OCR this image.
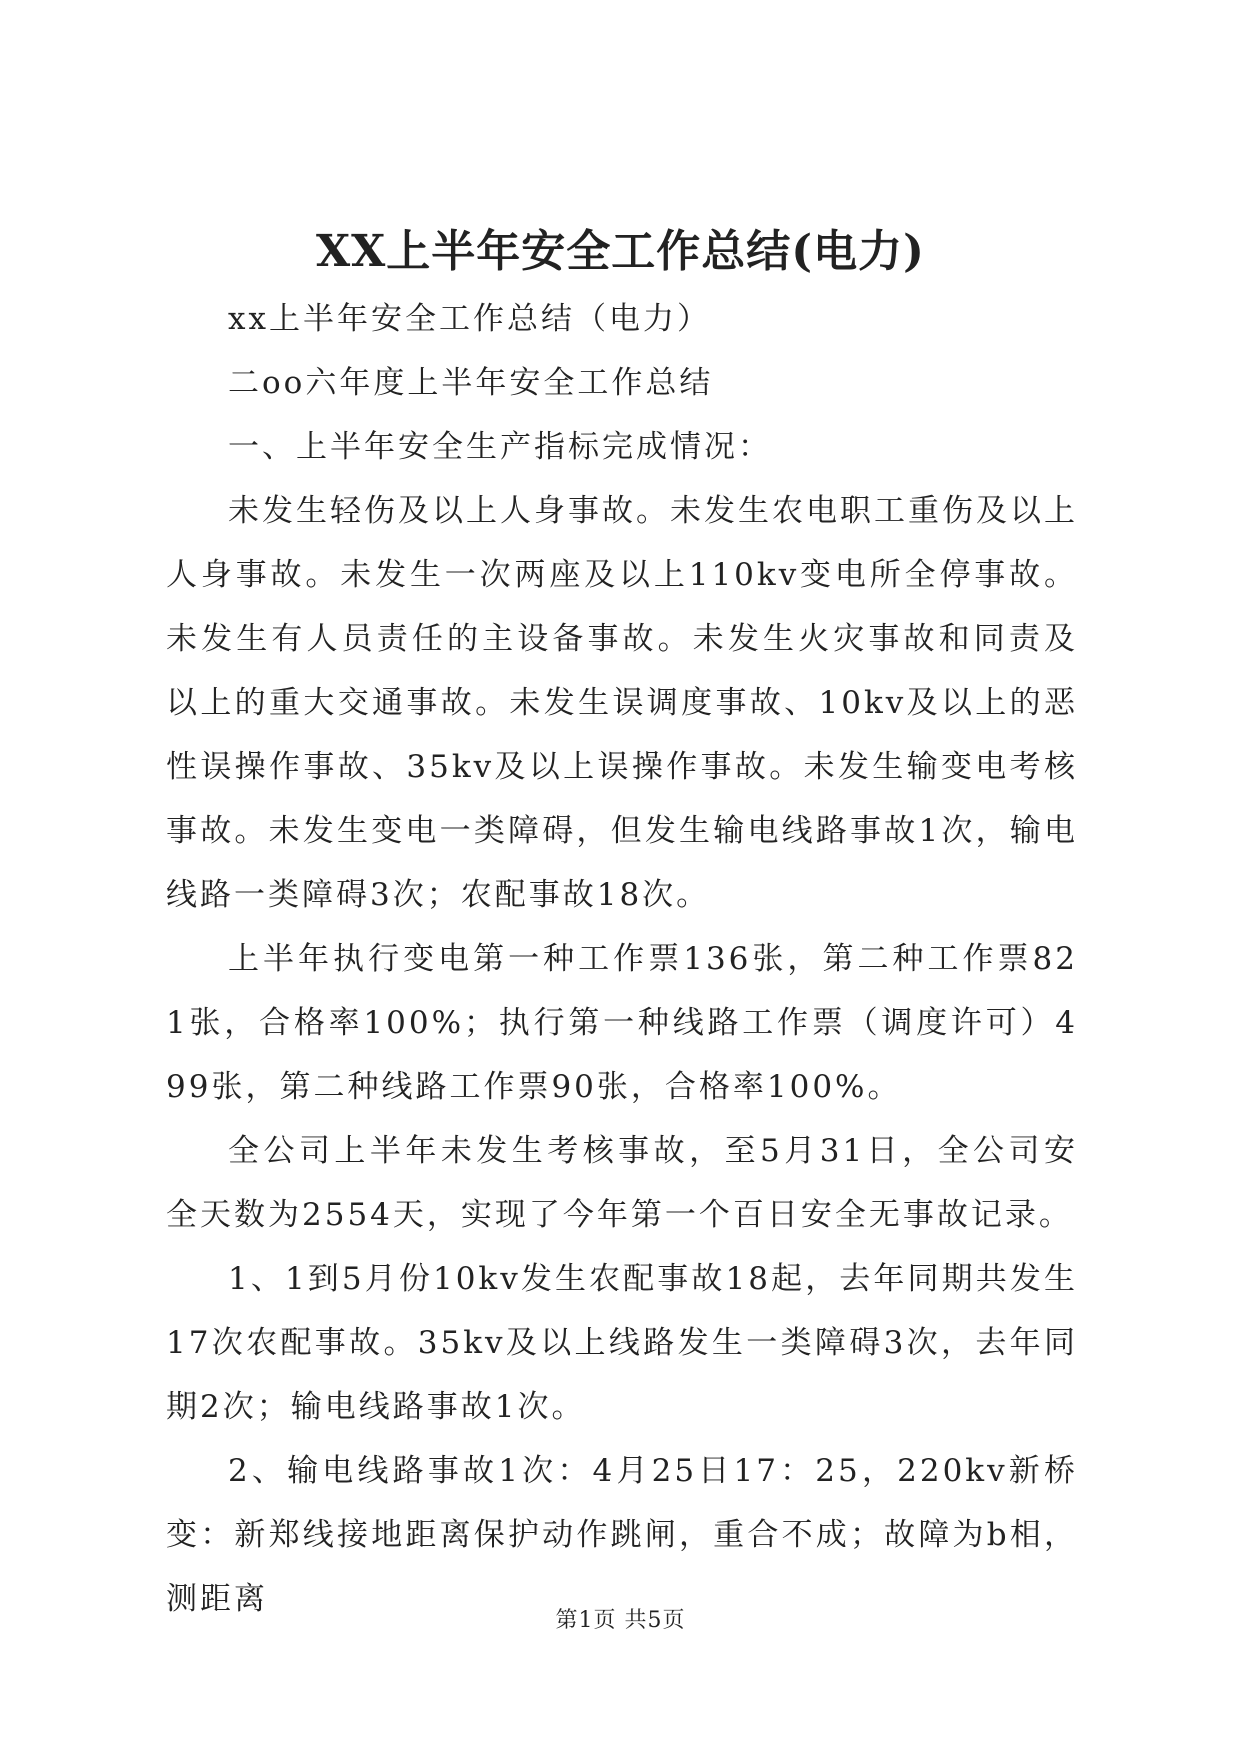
XX上半年安全工作总结(电力)

xx上半年安全工作总结（电力）

二oo六年度上半年安全工作总结

一、上半年安全生产指标完成情况：

未发生轻伤及以上人身事故。未发生农电职工重伤及以上人身事故。未发生一次两座及以上110kv变电所全停事故。未发生有人员责任的主设备事故。未发生火灾事故和同责及以上的重大交通事故。未发生误调度事故、10kv及以上的恶性误操作事故、35kv及以上误操作事故。未发生输变电考核事故。未发生变电一类障碍，但发生输电线路事故1次，输电线路一类障碍3次；农配事故18次。

上半年执行变电第一种工作票136张，第二种工作票821张，合格率100%；执行第一种线路工作票（调度许可）499张，第二种线路工作票90张，合格率100%。

全公司上半年未发生考核事故，至5月31日，全公司安全天数为2554天，实现了今年第一个百日安全无事故记录。

1、1到5月份10kv发生农配事故18起，去年同期共发生17次农配事故。35kv及以上线路发生一类障碍3次，去年同期2次；输电线路事故1次。

2、输电线路事故1次：4月25日17：25，220kv新桥变：新郑线接地距离保护动作跳闸，重合不成；故障为b相，测距离

第1页 共5页
